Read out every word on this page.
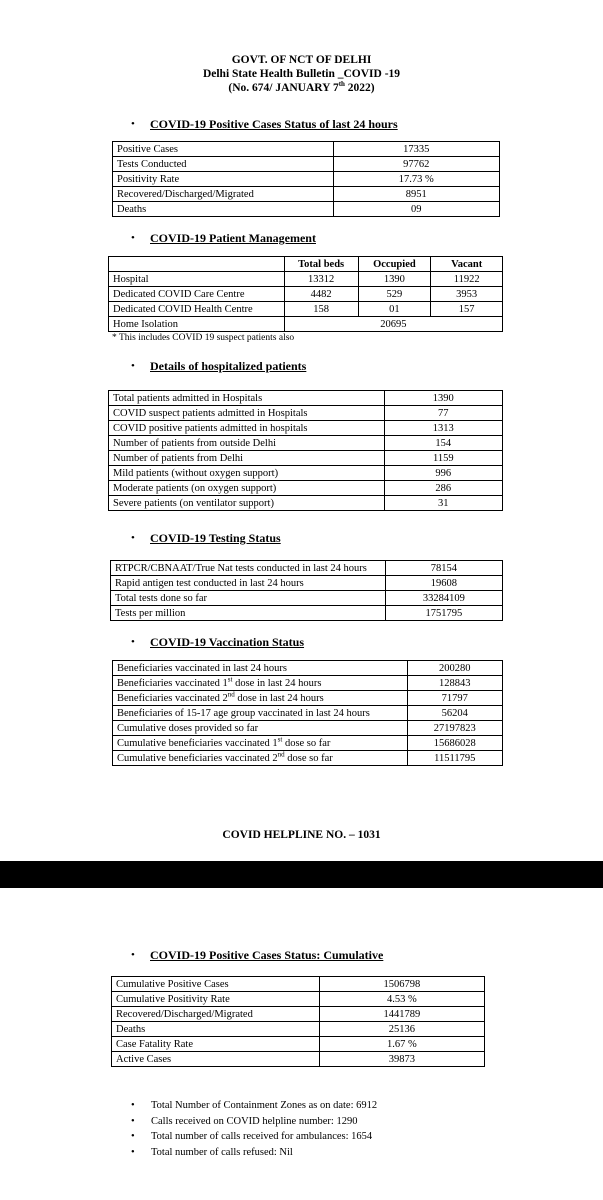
GOVT. OF NCT OF DELHI
Delhi State Health Bulletin _COVID -19
(No. 674/ JANUARY 7th 2022)
• COVID-19 Positive Cases Status of last 24 hours
Positive Cases	17335
Tests Conducted	97762
Positivity Rate	17.73 %
Recovered/Discharged/Migrated	8951
Deaths	09
• COVID-19 Patient Management
	Total beds	Occupied	Vacant
Hospital	13312	1390	11922
Dedicated COVID Care Centre	4482	529	3953
Dedicated COVID Health Centre	158	01	157
Home Isolation	20695		
* This includes COVID 19 suspect patients also
• Details of hospitalized patients
Total patients admitted in Hospitals	1390
COVID suspect patients admitted in Hospitals	77
COVID positive patients admitted in hospitals	1313
Number of patients from outside Delhi	154
Number of patients from Delhi	1159
Mild patients (without oxygen support)	996
Moderate patients (on oxygen support)	286
Severe patients (on ventilator support)	31
• COVID-19 Testing Status
RTPCR/CBNAAT/True Nat tests conducted in last 24 hours	78154
Rapid antigen test conducted in last 24 hours	19608
Total tests done so far	33284109
Tests per million	1751795
• COVID-19 Vaccination Status
Beneficiaries vaccinated in last 24 hours	200280
Beneficiaries vaccinated 1st dose in last 24 hours	128843
Beneficiaries vaccinated 2nd dose in last 24 hours	71797
Beneficiaries of 15-17 age group vaccinated in last 24 hours	56204
Cumulative doses provided so far	27197823
Cumulative beneficiaries vaccinated 1st dose so far	15686028
Cumulative beneficiaries vaccinated 2nd dose so far	11511795
COVID HELPLINE NO. – 1031
• COVID-19 Positive Cases Status: Cumulative
Cumulative Positive Cases	1506798
Cumulative Positivity Rate	4.53 %
Recovered/Discharged/Migrated	1441789
Deaths	25136
Case Fatality Rate	1.67 %
Active Cases	39873
• Total Number of Containment Zones as on date: 6912
• Calls received on COVID helpline number: 1290
• Total number of calls received for ambulances: 1654
• Total number of calls refused: Nil
